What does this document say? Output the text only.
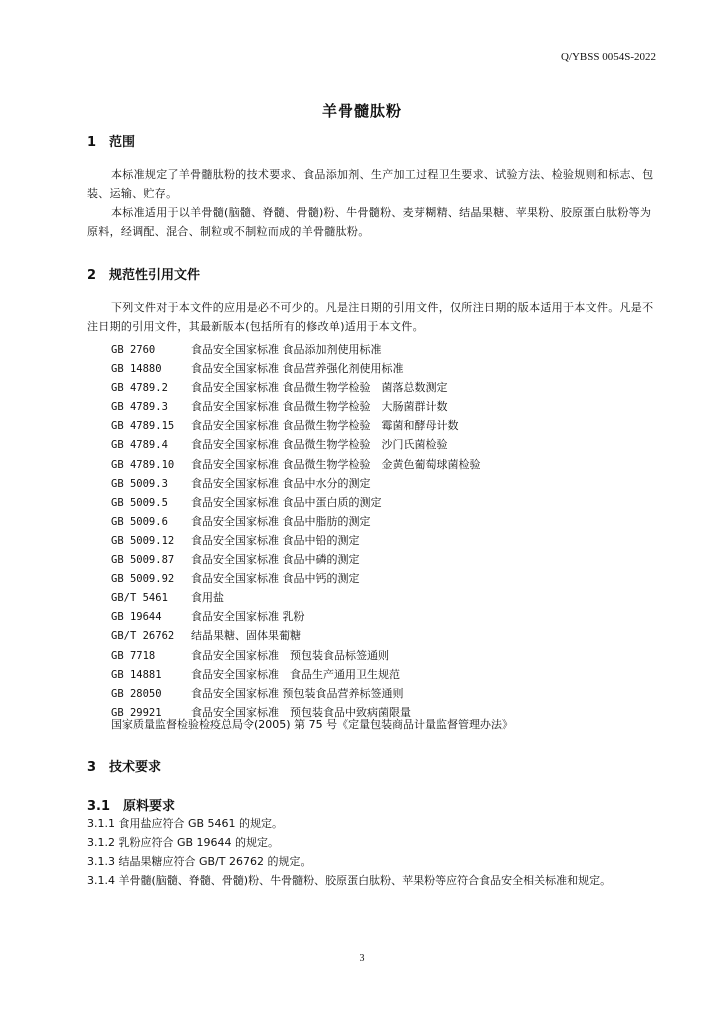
Q/YBSS 0054S-2022
羊骨髓肽粉
1 范围
本标准规定了羊骨髓肽粉的技术要求、食品添加剂、生产加工过程卫生要求、试验方法、检验规则和标志、包装、运输、贮存。
本标准适用于以羊骨髓(脑髓、脊髓、骨髓)粉、牛骨髓粉、麦芽糊精、结晶果糖、苹果粉、胶原蛋白肽粉等为原料，经调配、混合、制粒或不制粒而成的羊骨髓肽粉。
2 规范性引用文件
下列文件对于本文件的应用是必不可少的。凡是注日期的引用文件，仅所注日期的版本适用于本文件。凡是不注日期的引用文件，其最新版本(包括所有的修改单)适用于本文件。
GB 2760	食品安全国家标准 食品添加剂使用标准
GB 14880	食品安全国家标准 食品营养强化剂使用标准
GB 4789.2 食品安全国家标准 食品微生物学检验　菌落总数测定
GB 4789.3 食品安全国家标准 食品微生物学检验　大肠菌群计数
GB 4789.15 食品安全国家标准 食品微生物学检验　霉菌和酵母计数
GB 4789.4 食品安全国家标准 食品微生物学检验　沙门氏菌检验
GB 4789.10 食品安全国家标准 食品微生物学检验　金黄色葡萄球菌检验
GB 5009.3 食品安全国家标准 食品中水分的测定
GB 5009.5 食品安全国家标准 食品中蛋白质的测定
GB 5009.6 食品安全国家标准 食品中脂肪的测定
GB 5009.12 食品安全国家标准 食品中铅的测定
GB 5009.87 食品安全国家标准 食品中磷的测定
GB 5009.92 食品安全国家标准 食品中钙的测定
GB/T 5461 食用盐
GB 19644	食品安全国家标准 乳粉
GB/T 26762 结晶果糖、固体果葡糖
GB 7718	食品安全国家标准　预包装食品标签通则
GB 14881	食品安全国家标准　食品生产通用卫生规范
GB 28050	食品安全国家标准 预包装食品营养标签通则
GB 29921	食品安全国家标准　预包装食品中致病菌限量
国家质量监督检验检疫总局令(2005) 第 75 号《定量包装商品计量监督管理办法》
3 技术要求
3.1 原料要求
3.1.1 食用盐应符合 GB 5461 的规定。
3.1.2 乳粉应符合 GB 19644 的规定。
3.1.3 结晶果糖应符合 GB/T 26762 的规定。
3.1.4 羊骨髓(脑髓、脊髓、骨髓)粉、牛骨髓粉、胶原蛋白肽粉、苹果粉等应符合食品安全相关标准和规定。
3
